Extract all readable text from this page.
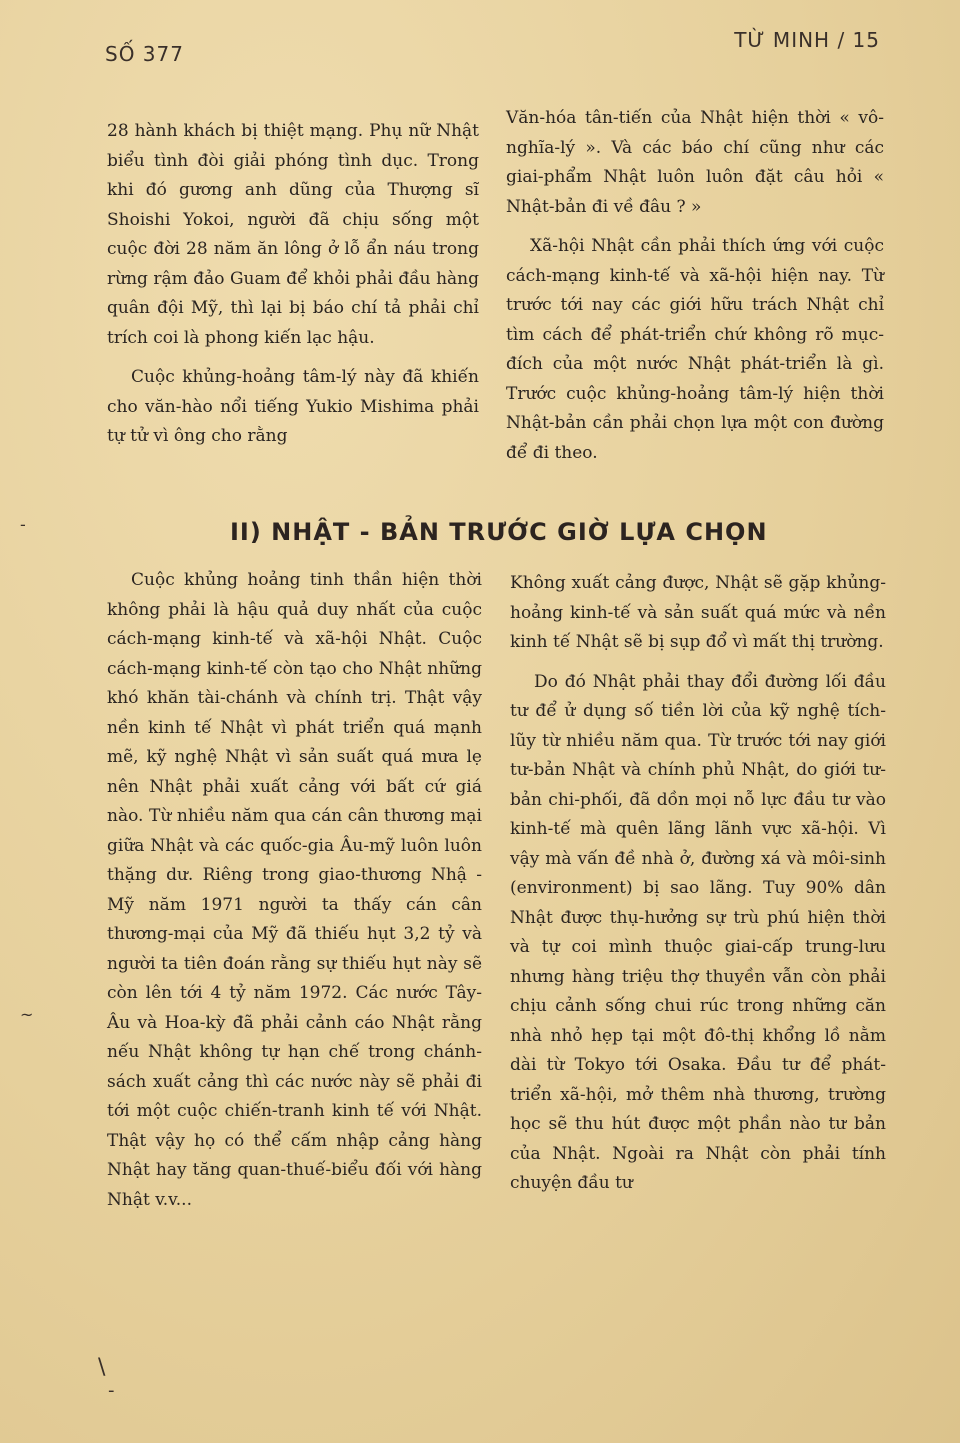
SỐ 377
TỪ MINH / 15

28 hành khách bị thiệt mạng. Phụ nữ Nhật biểu tình đòi giải phóng tình dục. Trong khi đó gương anh dũng của Thượng sĩ Shoishi Yokoi, người đã chịu sống một cuộc đời 28 năm ăn lông ở lỗ ẩn náu trong rừng rậm đảo Guam để khỏi phải đầu hàng quân đội Mỹ, thì lại bị báo chí tả phải chỉ trích coi là phong kiến lạc hậu.

Cuộc khủng-hoảng tâm-lý này đã khiến cho văn-hào nổi tiếng Yukio Mishima phải tự tử vì ông cho rằng

Văn-hóa tân-tiến của Nhật hiện thời « vô-nghĩa-lý ». Và các báo chí cũng như các giai-phẩm Nhật luôn luôn đặt câu hỏi « Nhật-bản đi về đâu ? »

Xã-hội Nhật cần phải thích ứng với cuộc cách-mạng kinh-tế và xã-hội hiện nay. Từ trước tới nay các giới hữu trách Nhật chỉ tìm cách để phát-triển chứ không rõ mục-đích của một nước Nhật phát-triển là gì. Trước cuộc khủng-hoảng tâm-lý hiện thời Nhật-bản cần phải chọn lựa một con đường để đi theo.

II) NHẬT - BẢN TRƯỚC GIỜ LỰA CHỌN

Cuộc khủng hoảng tinh thần hiện thời không phải là hậu quả duy nhất của cuộc cách-mạng kinh-tế và xã-hội Nhật. Cuộc cách-mạng kinh-tế còn tạo cho Nhật những khó khăn tài-chánh và chính trị. Thật vậy nền kinh tế Nhật vì phát triển quá mạnh mẽ, kỹ nghệ Nhật vì sản suất quá mưa lẹ nên Nhật phải xuất cảng với bất cứ giá nào. Từ nhiều năm qua cán cân thương mại giữa Nhật và các quốc-gia Âu-mỹ luôn luôn thặng dư. Riêng trong giao-thương Nhậ -Mỹ năm 1971 người ta thấy cán cân thương-mại của Mỹ đã thiếu hụt 3,2 tỷ và người ta tiên đoán rằng sự thiếu hụt này sẽ còn lên tới 4 tỷ năm 1972. Các nước Tây-Âu và Hoa-kỳ đã phải cảnh cáo Nhật rằng nếu Nhật không tự hạn chế trong chánh-sách xuất cảng thì các nước này sẽ phải đi tới một cuộc chiến-tranh kinh tế với Nhật. Thật vậy họ có thể cấm nhập cảng hàng Nhật hay tăng quan-thuế-biểu đối với hàng Nhật v.v...

Không xuất cảng được, Nhật sẽ gặp khủng-hoảng kinh-tế và sản suất quá mức và nền kinh tế Nhật sẽ bị sụp đổ vì mất thị trường.

Do đó Nhật phải thay đổi đường lối đầu tư để ử dụng số tiền lời của kỹ nghệ tích-lũy từ nhiều năm qua. Từ trước tới nay giới tư-bản Nhật và chính phủ Nhật, do giới tư-bản chi-phối, đã dồn mọi nỗ lực đầu tư vào kinh-tế mà quên lãng lãnh vực xã-hội. Vì vậy mà vấn đề nhà ở, đường xá và môi-sinh (environment) bị sao lãng. Tuy 90% dân Nhật được thụ-hưởng sự trù phú hiện thời và tự coi mình thuộc giai-cấp trung-lưu nhưng hàng triệu thợ thuyền vẫn còn phải chịu cảnh sống chui rúc trong những căn nhà nhỏ hẹp tại một đô-thị khổng lồ nằm dài từ Tokyo tới Osaka. Đầu tư để phát-triển xã-hội, mở thêm nhà thương, trường học sẽ thu hút được một phần nào tư bản của Nhật. Ngoài ra Nhật còn phải tính chuyện đầu tư

-
~
\
-
